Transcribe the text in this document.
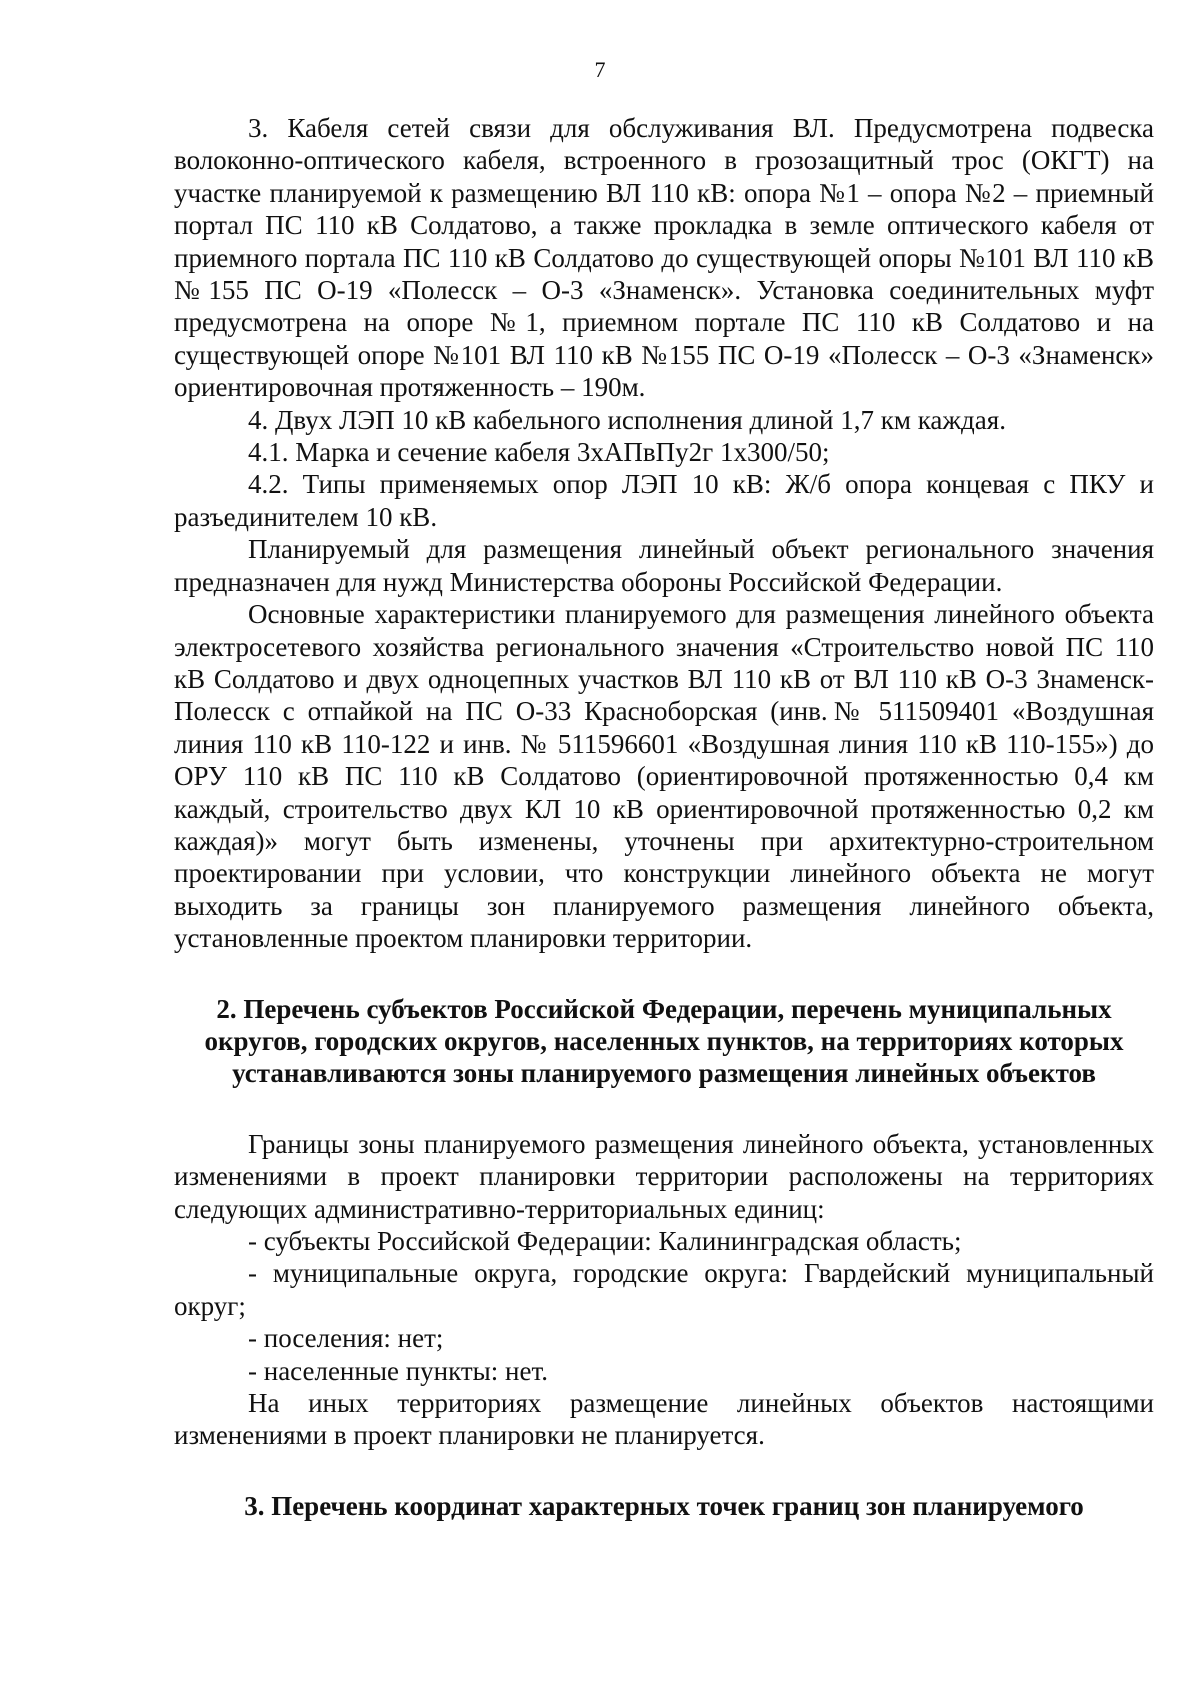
7

3. Кабеля сетей связи для обслуживания ВЛ. Предусмотрена подвеска волоконно-оптического кабеля, встроенного в грозозащитный трос (ОКГТ) на участке планируемой к размещению ВЛ 110 кВ: опора №1 – опора №2 – приемный портал ПС 110 кВ Солдатово, а также прокладка в земле оптического кабеля от приемного портала ПС 110 кВ Солдатово до существующей опоры №101 ВЛ 110 кВ №155 ПС О-19 «Полесск – О-3 «Знаменск». Установка соединительных муфт предусмотрена на опоре №1, приемном портале ПС 110 кВ Солдатово и на существующей опоре №101 ВЛ 110 кВ №155 ПС О-19 «Полесск – О-3 «Знаменск» ориентировочная протяженность – 190м.

4. Двух ЛЭП 10 кВ кабельного исполнения длиной 1,7 км каждая.

4.1. Марка и сечение кабеля 3хАПвПу2г 1х300/50;

4.2. Типы применяемых опор ЛЭП 10 кВ: Ж/б опора концевая с ПКУ и разъединителем 10 кВ.

Планируемый для размещения линейный объект регионального значения предназначен для нужд Министерства обороны Российской Федерации.

Основные характеристики планируемого для размещения линейного объекта электросетевого хозяйства регионального значения «Строительство новой ПС 110 кВ Солдатово и двух одноцепных участков ВЛ 110 кВ от ВЛ 110 кВ О-3 Знаменск-Полесск с отпайкой на ПС О-33 Красноборская (инв.№ 511509401 «Воздушная линия 110 кВ 110-122 и инв. № 511596601 «Воздушная линия 110 кВ 110-155») до ОРУ 110 кВ ПС 110 кВ Солдатово (ориентировочной протяженностью 0,4 км каждый, строительство двух КЛ 10 кВ ориентировочной протяженностью 0,2 км каждая)» могут быть изменены, уточнены при архитектурно-строительном проектировании при условии, что конструкции линейного объекта не могут выходить за границы зон планируемого размещения линейного объекта, установленные проектом планировки территории.

2. Перечень субъектов Российской Федерации, перечень муниципальных округов, городских округов, населенных пунктов, на территориях которых устанавливаются зоны планируемого размещения линейных объектов

Границы зоны планируемого размещения линейного объекта, установленных изменениями в проект планировки территории расположены на территориях следующих административно-территориальных единиц:

- субъекты Российской Федерации: Калининградская область;

- муниципальные округа, городские округа: Гвардейский муниципальный округ;

- поселения: нет;

- населенные пункты: нет.

На иных территориях размещение линейных объектов настоящими изменениями в проект планировки не планируется.

3. Перечень координат характерных точек границ зон планируемого
